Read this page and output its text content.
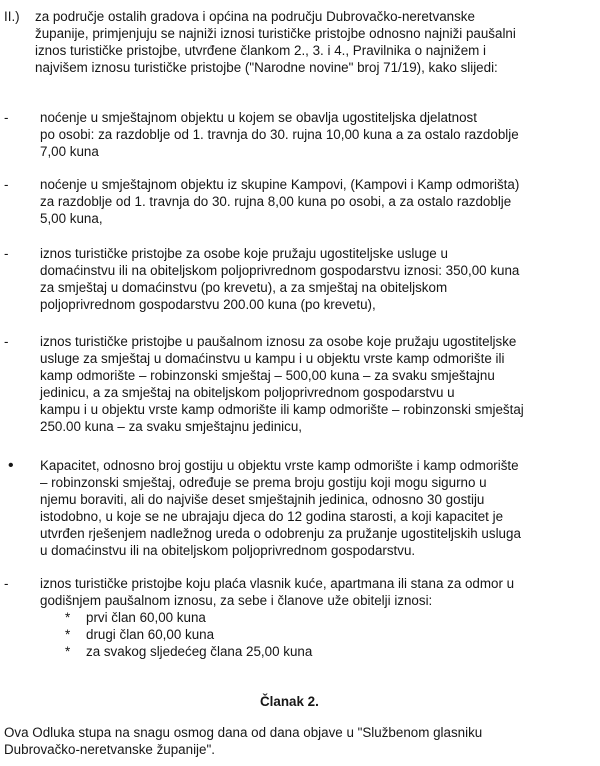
II.) za područje ostalih gradova i općina na području Dubrovačko-neretvanske
županije, primjenjuju se najniži iznosi turističke pristojbe odnosno najniži paušalni
iznos turističke pristojbe, utvrđene člankom 2., 3. i 4., Pravilnika o najnižem i
najvišem iznosu turističke pristojbe ("Narodne novine" broj 71/19), kako slijedi:
- noćenje u smještajnom objektu u kojem se obavlja ugostiteljska djelatnost
po osobi: za razdoblje od 1. travnja do 30. rujna 10,00 kuna a za ostalo razdoblje
7,00 kuna
- noćenje u smještajnom objektu iz skupine Kampovi, (Kampovi i Kamp odmorišta)
za razdoblje od 1. travnja do 30. rujna 8,00 kuna po osobi, a za ostalo razdoblje
5,00 kuna,
- iznos turističke pristojbe za osobe koje pružaju ugostiteljske usluge u
domaćinstvu ili na obiteljskom poljoprivrednom gospodarstvu iznosi: 350,00 kuna
za smještaj u domaćinstvu (po krevetu), a za smještaj na obiteljskom
poljoprivrednom gospodarstvu 200.00 kuna (po krevetu),
- iznos turističke pristojbe u paušalnom iznosu za osobe koje pružaju ugostiteljske
usluge za smještaj u domaćinstvu u kampu i u objektu vrste kamp odmorište ili
kamp odmorište – robinzonski smještaj – 500,00 kuna – za svaku smještajnu
jedinicu, a za smještaj na obiteljskom poljoprivrednom gospodarstvu u
kampu i u objektu vrste kamp odmorište ili kamp odmorište – robinzonski smještaj
250.00 kuna – za svaku smještajnu jedinicu,
• Kapacitet, odnosno broj gostiju u objektu vrste kamp odmorište i kamp odmorište
– robinzonski smještaj, određuje se prema broju gostiju koji mogu sigurno u
njemu boraviti, ali do najviše deset smještajnih jedinica, odnosno 30 gostiju
istodobno, u koje se ne ubrajaju djeca do 12 godina starosti, a koji kapacitet je
utvrđen rješenjem nadležnog ureda o odobrenju za pružanje ugostiteljskih usluga
u domaćinstvu ili na obiteljskom poljoprivrednom gospodarstvu.
- iznos turističke pristojbe koju plaća vlasnik kuće, apartmana ili stana za odmor u
godišnjem paušalnom iznosu, za sebe i članove uže obitelji iznosi:
* prvi član 60,00 kuna
* drugi član 60,00 kuna
* za svakog sljedećeg člana 25,00 kuna
Članak 2.
Ova Odluka stupa na snagu osmog dana od dana objave u "Službenom glasniku
Dubrovačko-neretvanske županije".
